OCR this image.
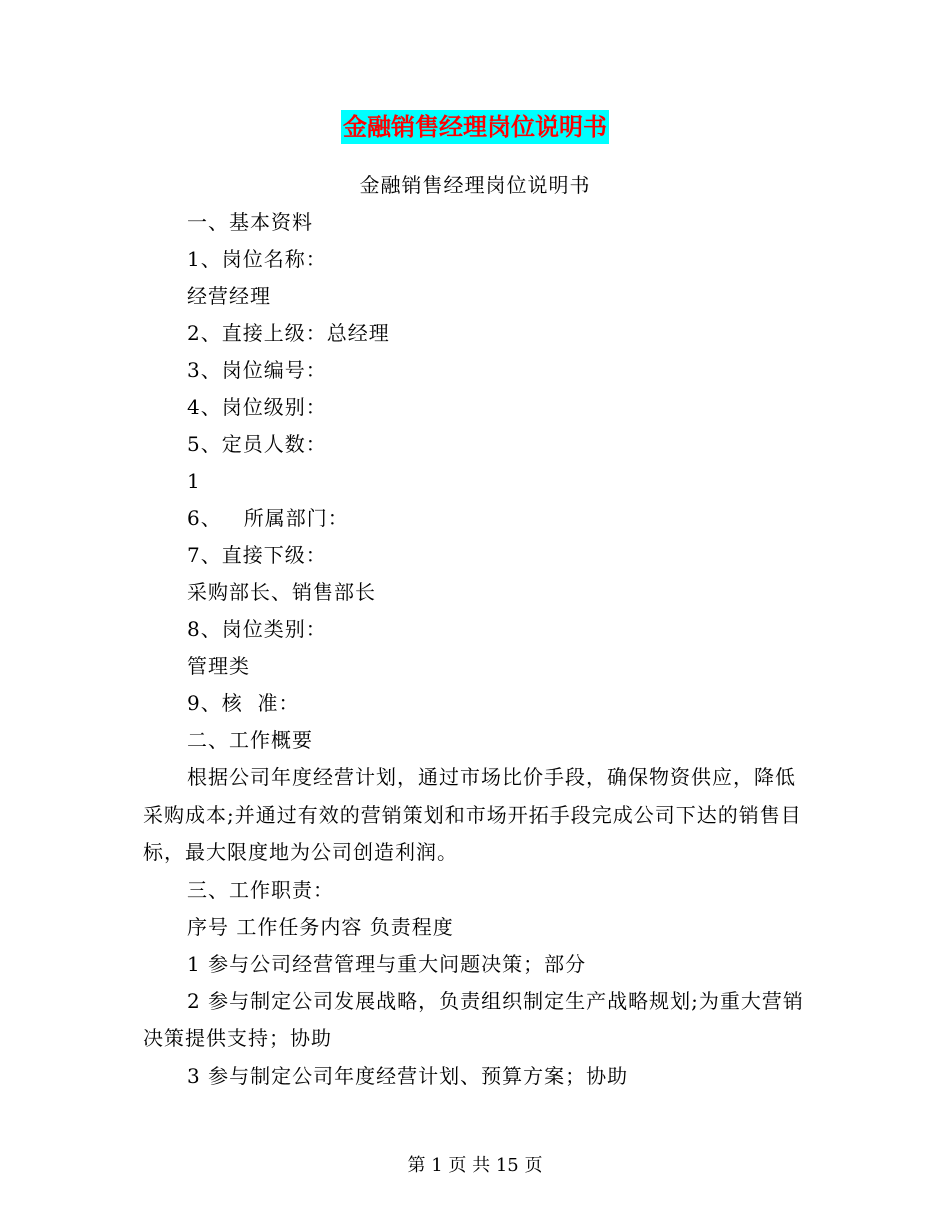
金融销售经理岗位说明书
金融销售经理岗位说明书
一、基本资料
1、岗位名称：
经营经理
2、直接上级：总经理
3、岗位编号：
4、岗位级别：
5、定员人数：
1
6、   所属部门：
7、直接下级：
采购部长、销售部长
8、岗位类别：
管理类
9、核  准：
二、工作概要

根据公司年度经营计划，通过市场比价手段，确保物资供应，降低采购成本;并通过有效的营销策划和市场开拓手段完成公司下达的销售目标，最大限度地为公司创造利润。

三、工作职责：
序号 工作任务内容 负责程度
1 参与公司经营管理与重大问题决策；部分

2 参与制定公司发展战略，负责组织制定生产战略规划;为重大营销决策提供支持；协助

3 参与制定公司年度经营计划、预算方案；协助
第 1 页 共 15 页
